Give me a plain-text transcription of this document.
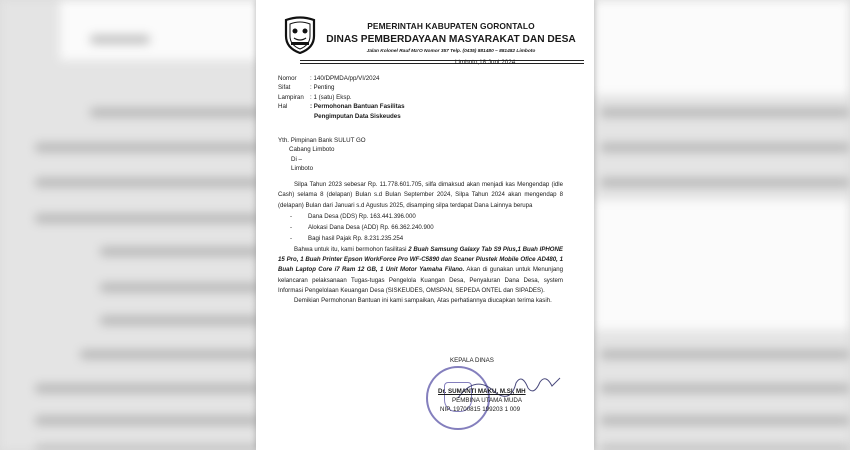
PEMERINTAH KABUPATEN GORONTALO
DINAS PEMBERDAYAAN MASYARAKAT DAN DESA
Jalan Kolonel Rauf Ma'O Nomor 357 Telp. (0435) 881480 – 881482 Limboto
Limboto,18 Juni 2024
Nomor	: 140/DPMDA/pp/VI/2024
Sifat	: Penting
Lampiran	: 1 (satu) Eksp.
Hal	: Permohonan Bantuan Fasilitas
Pengimputan Data Siskeudes
Yth. Pimpinan Bank SULUT GO
Cabang Limboto
Di –
Limboto

Silpa Tahun 2023 sebesar Rp. 11.778.601.705, silfa dimaksud akan menjadi kas Mengendap (idle Cash) selama 8 (delapan) Bulan s.d Bulan September 2024, Silpa Tahun 2024 akan mengendap 8 (delapan) Bulan dari Januari s.d Agustus 2025, disamping silpa terdapat Dana Lainnya berupa

- Dana Desa (DDS) Rp. 163.441.396.000
- Alokasi Dana Desa (ADD) Rp. 66.362.240.900
- Bagi hasil Pajak Rp. 8.231.235.254

Bahwa untuk itu, kami bermohon fasilitasi 2 Buah Samsung Galaxy Tab S9 Plus,1 Buah IPHONE 15 Pro, 1 Buah Printer Epson WorkForce Pro WF-C5890 dan Scaner Plustek Mobile Ofice AD480, 1 Buah Laptop Core i7 Ram 12 GB, 1 Unit Motor Yamaha Filano. Akan di gunakan untuk Menunjang kelancaran pelaksanaan Tugas-tugas Pengelola Kuangan Desa, Penyaluran Dana Desa, system Informasi Pengelolaan Keuangan Desa (SISKEUDES, OMSPAN, SEPEDA ONTEL dan SIPADES).

Demikian Permohonan Bantuan ini kami sampaikan, Atas perhatiannya diucapkan terima kasih.

KEPALA DINAS
Dr. SUMANTI MAKU, M.SI, MH
PEMBINA UTAMA MUDA
NIP. 19700815 199203 1 009
